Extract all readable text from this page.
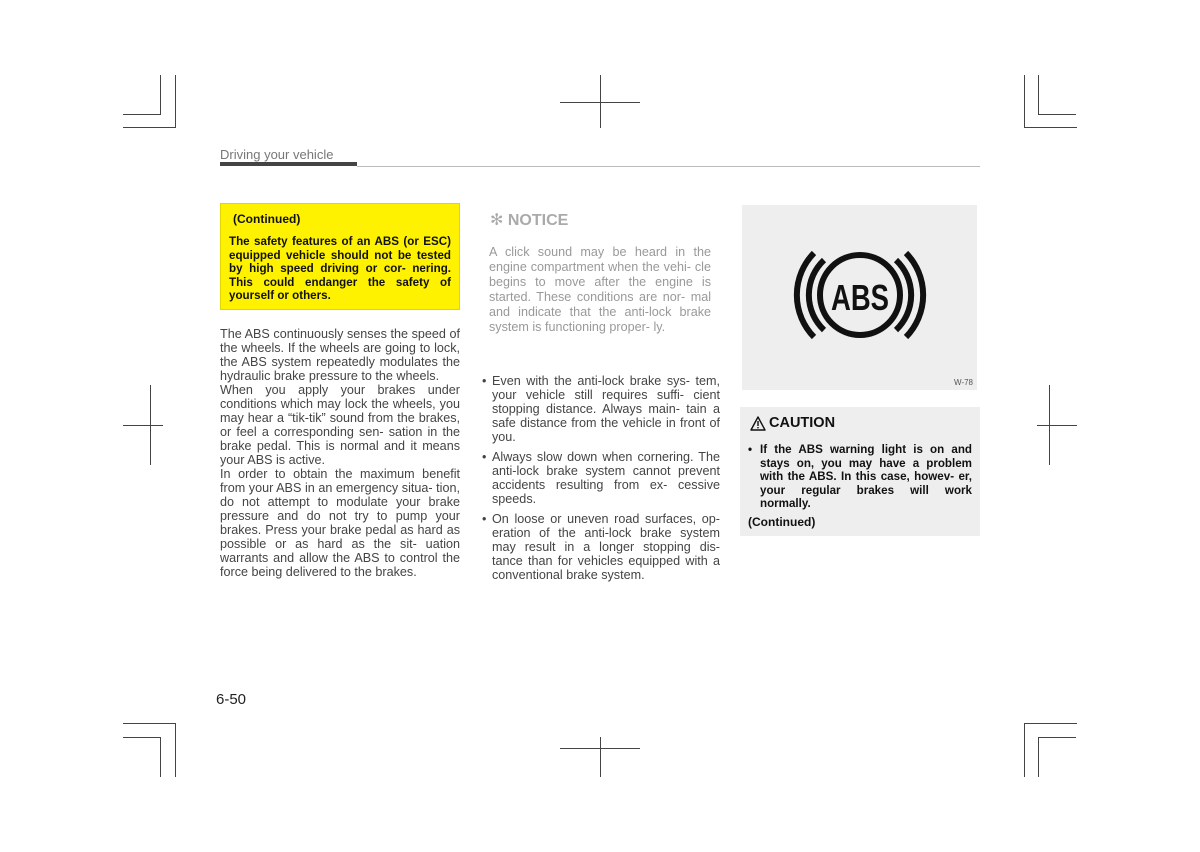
Driving your vehicle
(Continued)
The safety features of an ABS (or ESC) equipped vehicle should not be tested by high speed driving or cor- nering. This could endanger the safety of yourself or others.

The ABS continuously senses the speed of the wheels. If the wheels are going to lock, the ABS system repeatedly modulates the hydraulic brake pressure to the wheels.

When you apply your brakes under conditions which may lock the wheels, you may hear a “tik-tik” sound from the brakes, or feel a corresponding sen- sation in the brake pedal. This is normal and it means your ABS is active.

In order to obtain the maximum benefit from your ABS in an emergency situa- tion, do not attempt to modulate your brake pressure and do not try to pump your brakes. Press your brake pedal as hard as possible or as hard as the sit- uation warrants and allow the ABS to control the force being delivered to the brakes.

✻ NOTICE
A click sound may be heard in the engine compartment when the vehi- cle begins to move after the engine is started. These conditions are nor- mal and indicate that the anti-lock brake system is functioning proper- ly.
• Even with the anti-lock brake sys- tem, your vehicle still requires suffi- cient stopping distance. Always main- tain a safe distance from the vehicle in front of you.
• Always slow down when cornering. The anti-lock brake system cannot prevent accidents resulting from ex- cessive speeds.
• On loose or uneven road surfaces, op- eration of the anti-lock brake system may result in a longer stopping dis- tance than for vehicles equipped with a conventional brake system.
ABS
W-78
CAUTION
• If the ABS warning light is on and stays on, you may have a problem with the ABS. In this case, howev- er, your regular brakes will work normally.
(Continued)
6-50
